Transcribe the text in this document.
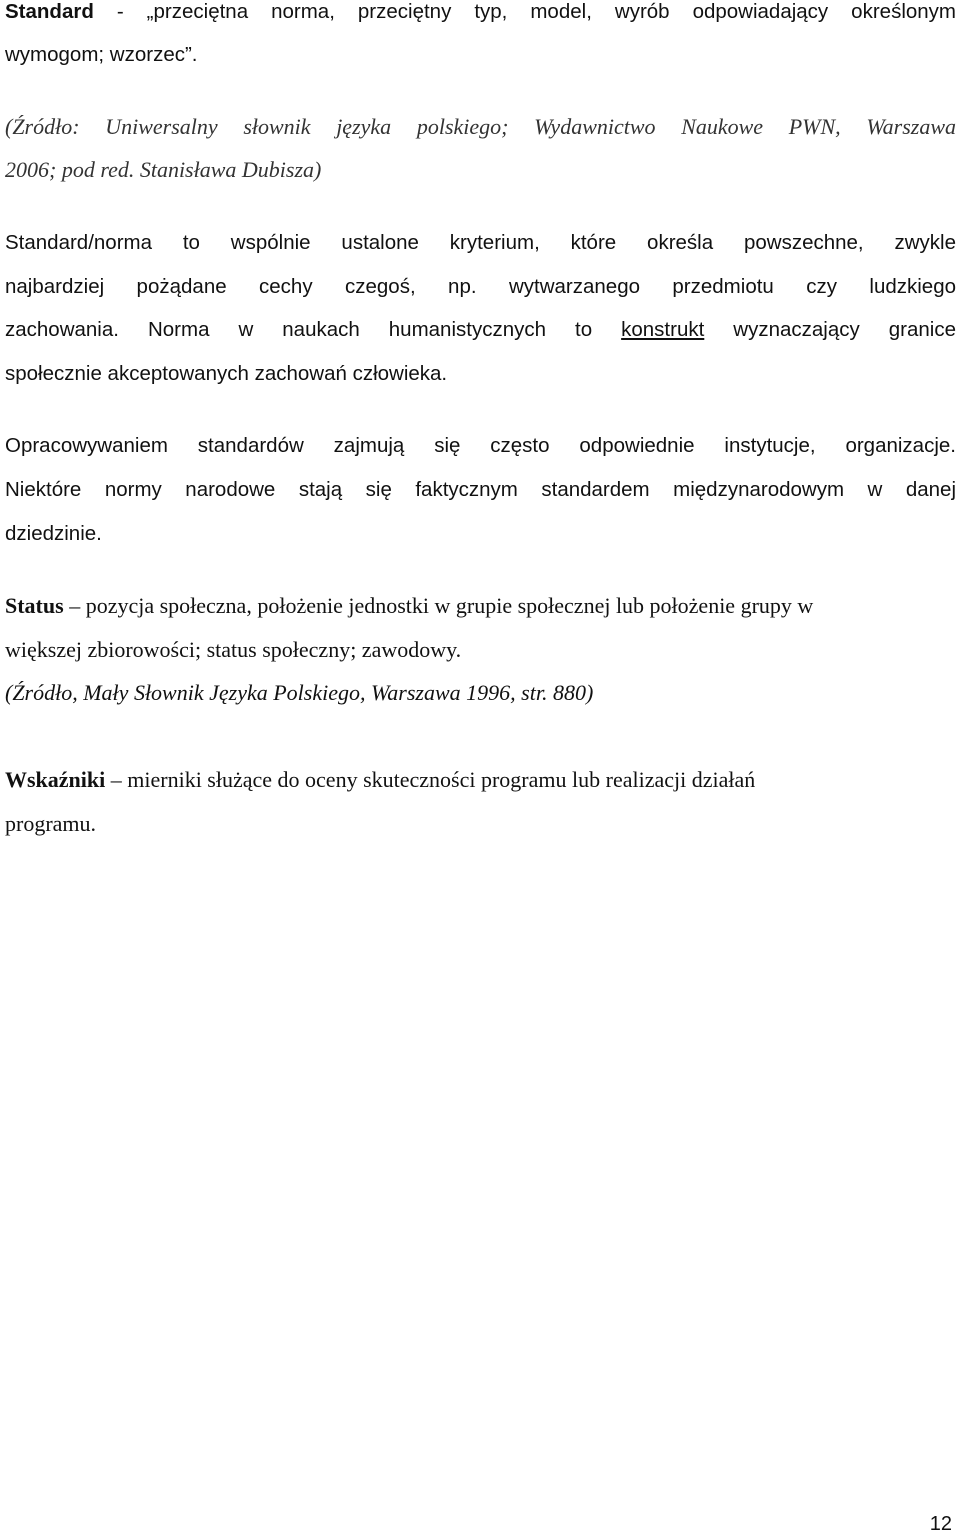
Standard - „przeciętna norma, przeciętny typ, model, wyrób odpowiadający określonym
wymogom; wzorzec”.
(Źródło: Uniwersalny słownik języka polskiego; Wydawnictwo Naukowe PWN, Warszawa
2006; pod red. Stanisława Dubisza)
Standard/norma to wspólnie ustalone kryterium, które określa powszechne, zwykle
najbardziej pożądane cechy czegoś, np. wytwarzanego przedmiotu czy ludzkiego
zachowania. Norma w naukach humanistycznych to konstrukt wyznaczający granice
społecznie akceptowanych zachowań człowieka.
Opracowywaniem standardów zajmują się często odpowiednie instytucje, organizacje.
Niektóre normy narodowe stają się faktycznym standardem międzynarodowym w danej
dziedzinie.
Status – pozycja społeczna, położenie jednostki w grupie społecznej lub położenie grupy w
większej zbiorowości; status społeczny; zawodowy.
(Źródło, Mały Słownik Języka Polskiego, Warszawa 1996, str. 880)
Wskaźniki – mierniki służące do oceny skuteczności programu lub realizacji działań
programu.
12
